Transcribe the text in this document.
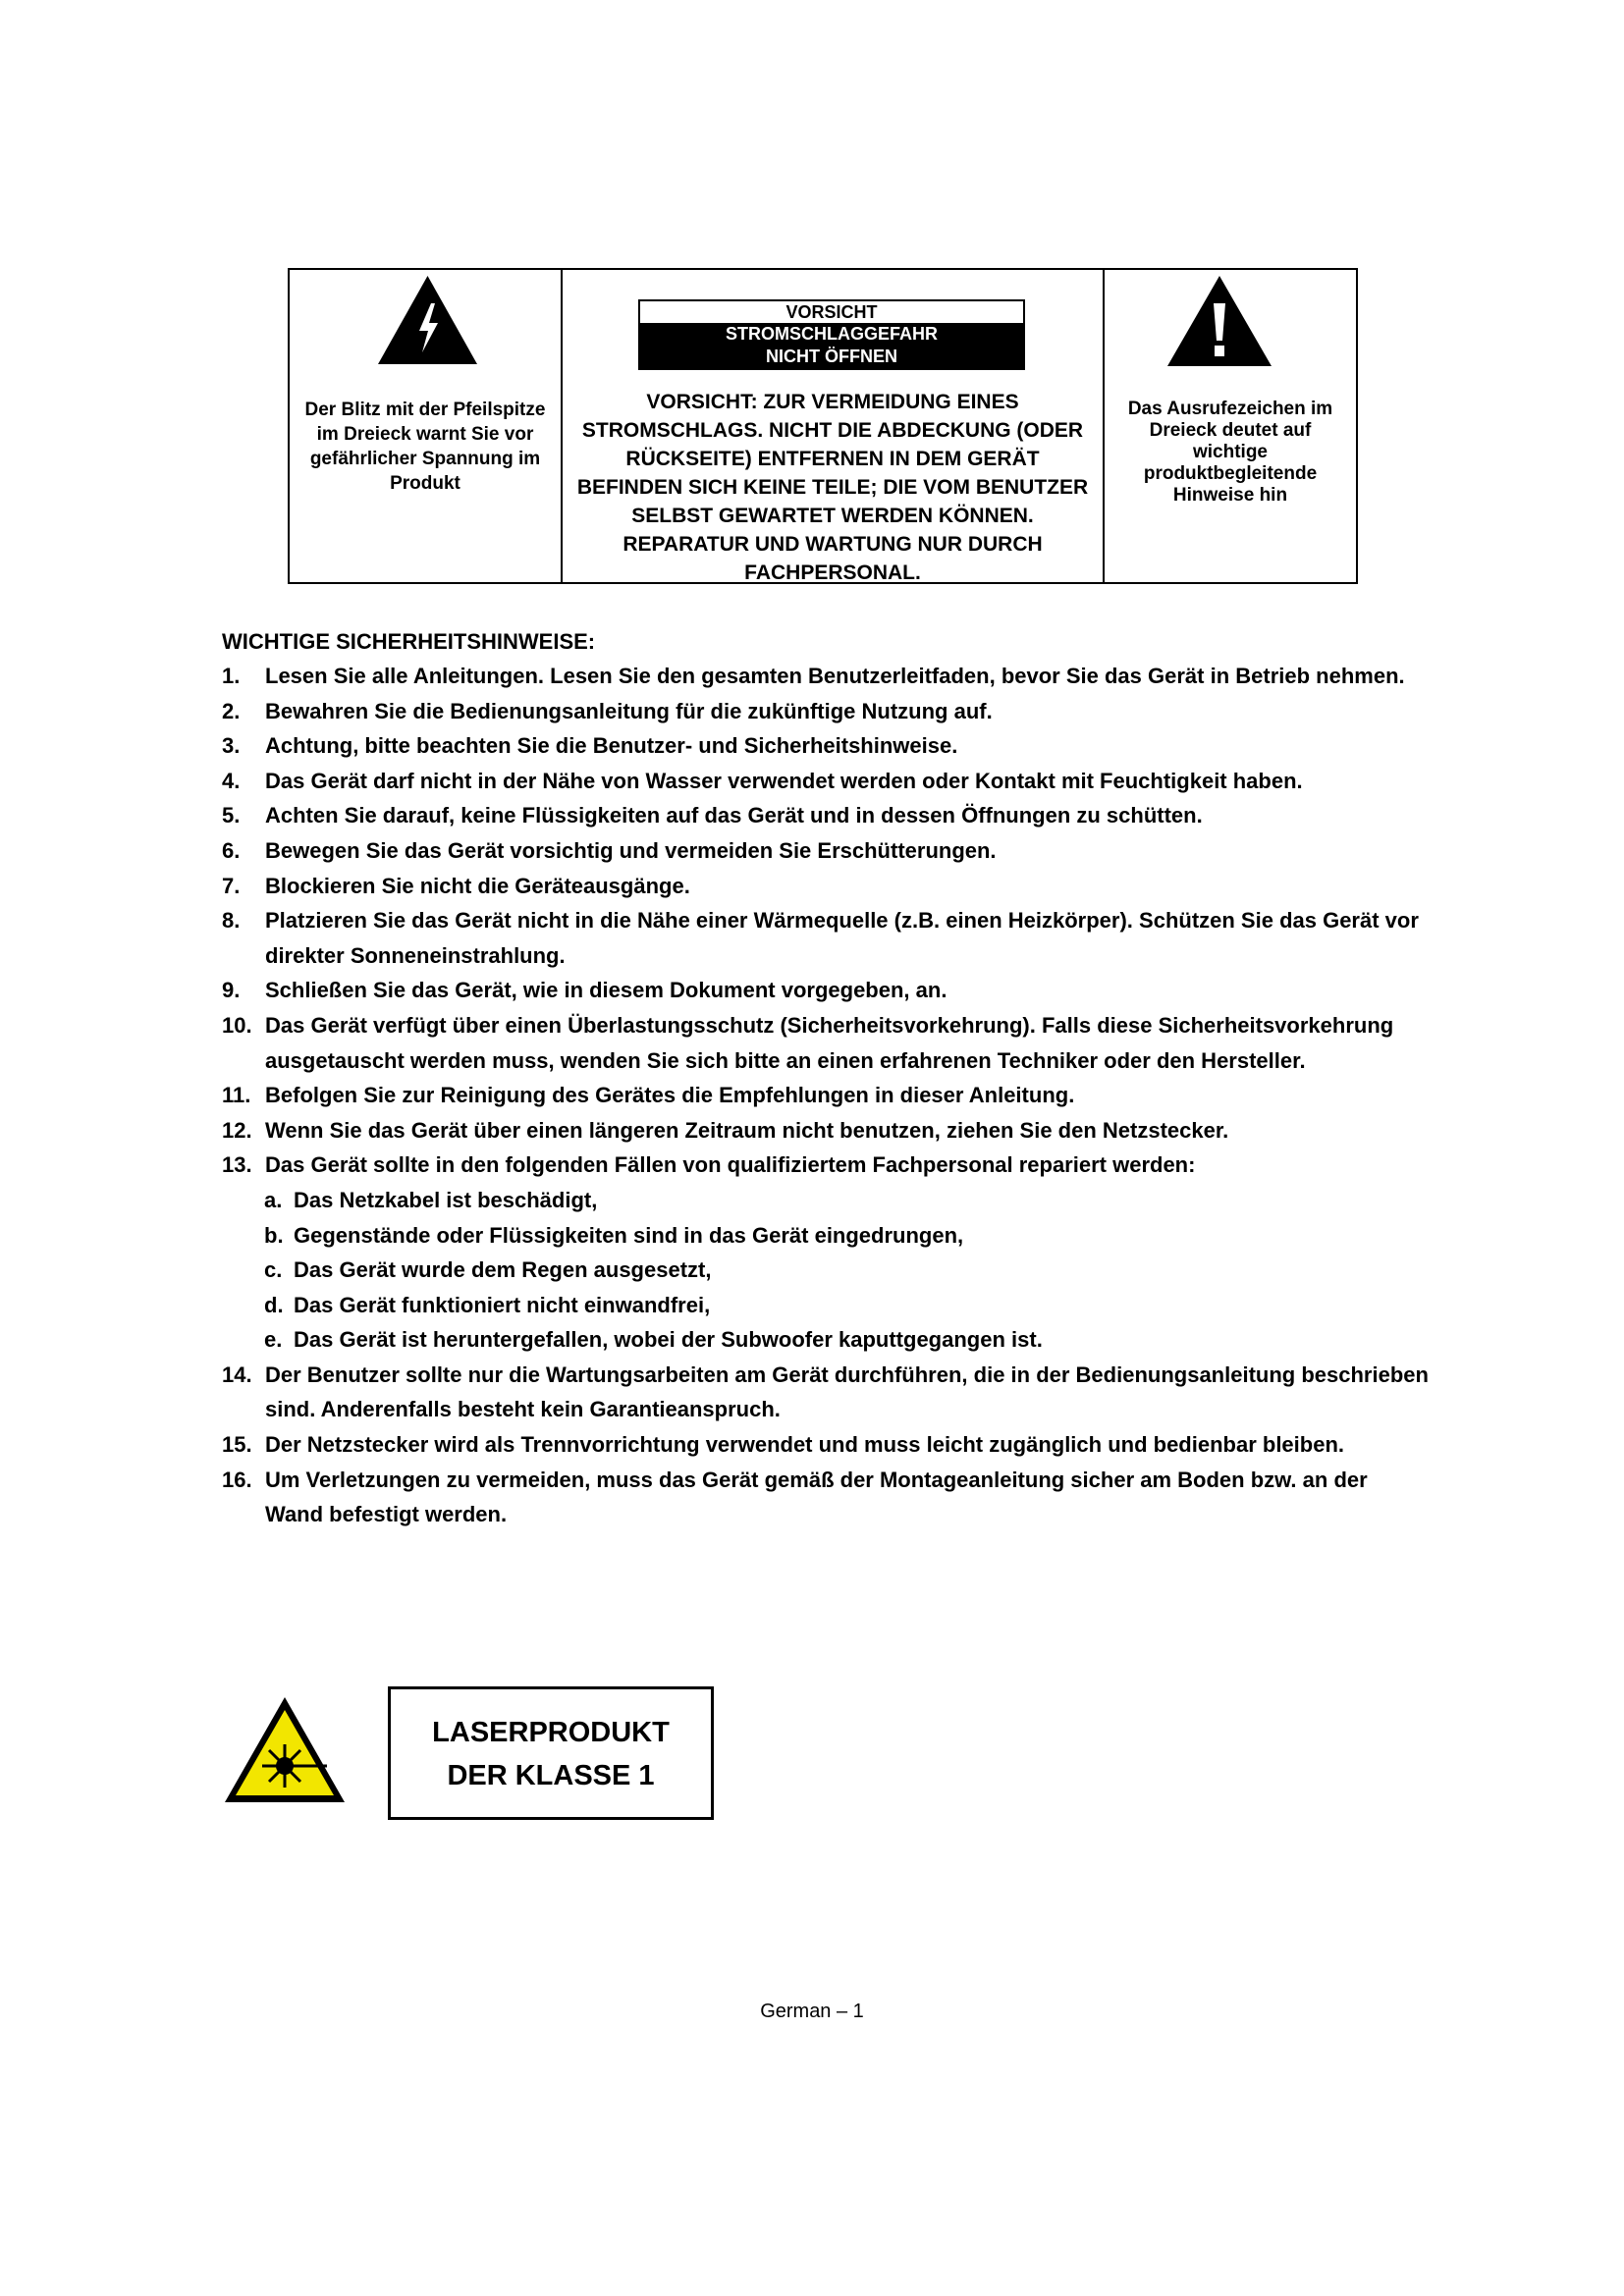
Der Blitz mit der Pfeilspitze im Dreieck warnt Sie vor gefährlicher Spannung im Produkt
VORSICHT
STROMSCHLAGGEFAHR
NICHT ÖFFNEN
VORSICHT: ZUR VERMEIDUNG EINES STROMSCHLAGS. NICHT DIE ABDECKUNG (ODER RÜCKSEITE) ENTFERNEN IN DEM GERÄT BEFINDEN SICH KEINE TEILE; DIE VOM BENUTZER SELBST GEWARTET WERDEN KÖNNEN. REPARATUR UND WARTUNG NUR DURCH FACHPERSONAL.
Das Ausrufezeichen im Dreieck deutet auf wichtige produktbegleitende Hinweise hin
WICHTIGE SICHERHEITSHINWEISE:
1.	Lesen Sie alle Anleitungen. Lesen Sie den gesamten Benutzerleitfaden, bevor Sie das Gerät in Betrieb nehmen.
2.	Bewahren Sie die Bedienungsanleitung für die zukünftige Nutzung auf.
3.	Achtung, bitte beachten Sie die Benutzer- und Sicherheitshinweise.
4.	Das Gerät darf nicht in der Nähe von Wasser verwendet werden oder Kontakt mit Feuchtigkeit haben.
5.	Achten Sie darauf, keine Flüssigkeiten auf das Gerät und in dessen Öffnungen zu schütten.
6.	Bewegen Sie das Gerät vorsichtig und vermeiden Sie Erschütterungen.
7.	Blockieren Sie nicht die Geräteausgänge.
8.	Platzieren Sie das Gerät nicht in die Nähe einer Wärmequelle (z.B. einen Heizkörper). Schützen Sie das Gerät vor direkter Sonneneinstrahlung.
9.	Schließen Sie das Gerät, wie in diesem Dokument vorgegeben, an.
10. Das Gerät verfügt über einen Überlastungsschutz (Sicherheitsvorkehrung). Falls diese Sicherheitsvorkehrung ausgetauscht werden muss, wenden Sie sich bitte an einen erfahrenen Techniker oder den Hersteller.
11. Befolgen Sie zur Reinigung des Gerätes die Empfehlungen in dieser Anleitung.
12. Wenn Sie das Gerät über einen längeren Zeitraum nicht benutzen, ziehen Sie den Netzstecker.
13. Das Gerät sollte in den folgenden Fällen von qualifiziertem Fachpersonal repariert werden:
a. Das Netzkabel ist beschädigt,
b. Gegenstände oder Flüssigkeiten sind in das Gerät eingedrungen,
c. Das Gerät wurde dem Regen ausgesetzt,
d. Das Gerät funktioniert nicht einwandfrei,
e. Das Gerät ist heruntergefallen, wobei der Subwoofer kaputtgegangen ist.
14. Der Benutzer sollte nur die Wartungsarbeiten am Gerät durchführen, die in der Bedienungsanleitung beschrieben sind. Anderenfalls besteht kein Garantieanspruch.
15. Der Netzstecker wird als Trennvorrichtung verwendet und muss leicht zugänglich und bedienbar bleiben.
16. Um Verletzungen zu vermeiden, muss das Gerät gemäß der Montageanleitung sicher am Boden bzw. an der Wand befestigt werden.
LASERPRODUKT
DER KLASSE 1
German – 1
